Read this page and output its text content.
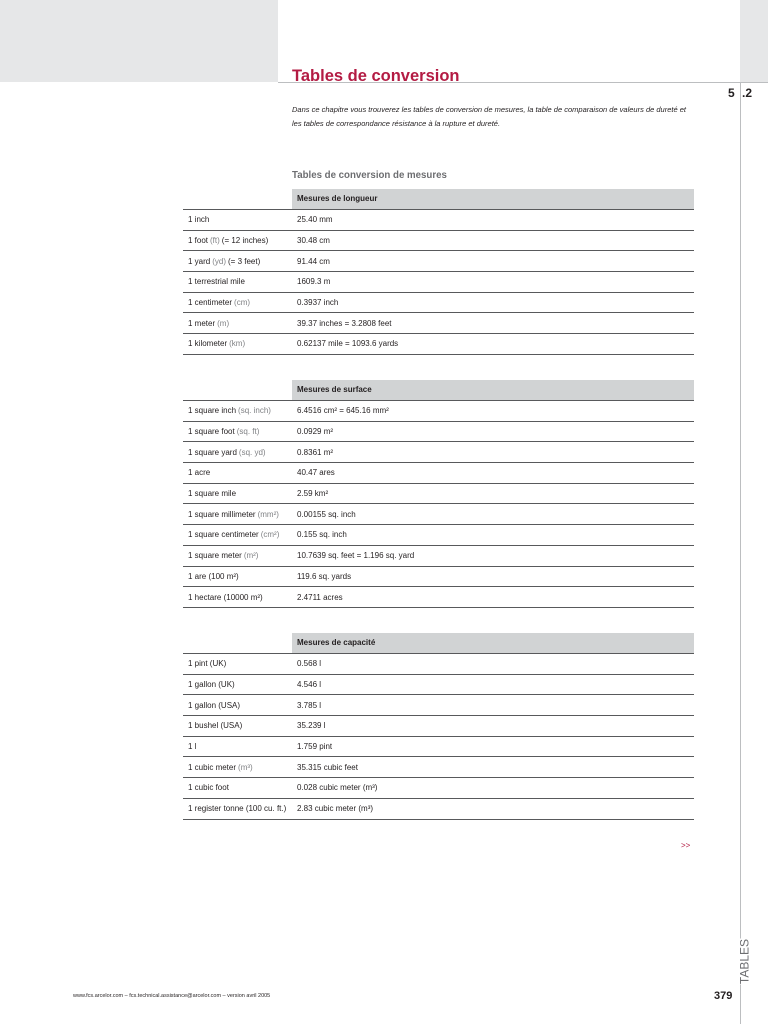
Tables de conversion
5 .2
Dans ce chapitre vous trouverez les tables de conversion de mesures, la table de comparaison de valeurs de dureté et
les tables de correspondance résistance à la rupture et dureté.
Tables de conversion de mesures
Mesures de longueur
1 inch	25.40 mm
1 foot (ft) (= 12 inches)	30.48 cm
1 yard (yd) (= 3 feet)	91.44 cm
1 terrestrial mile	1609.3 m
1 centimeter (cm)	0.3937 inch
1 meter (m)	39.37 inches = 3.2808 feet
1 kilometer (km)	0.62137 mile = 1093.6 yards
Mesures de surface
1 square inch (sq. inch)	6.4516 cm² = 645.16 mm²
1 square foot (sq. ft)	0.0929 m²
1 square yard (sq. yd)	0.8361 m²
1 acre	40.47 ares
1 square mile	2.59 km²
1 square millimeter (mm²)	0.00155 sq. inch
1 square centimeter (cm²)	0.155 sq. inch
1 square meter (m²)	10.7639 sq. feet = 1.196 sq. yard
1 are (100 m²)	119.6 sq. yards
1 hectare (10000 m²)	2.4711 acres
Mesures de capacité
1 pint (UK)	0.568 l
1 gallon (UK)	4.546 l
1 gallon (USA)	3.785 l
1 bushel (USA)	35.239 l
1 l	1.759 pint
1 cubic meter (m³)	35.315 cubic feet
1 cubic foot	0.028 cubic meter (m³)
1 register tonne (100 cu. ft.)	2.83 cubic meter (m³)
>>
TABLES
www.fcs.arcelor.com – fcs.technical.assistance@arcelor.com – version avril 2005	379
